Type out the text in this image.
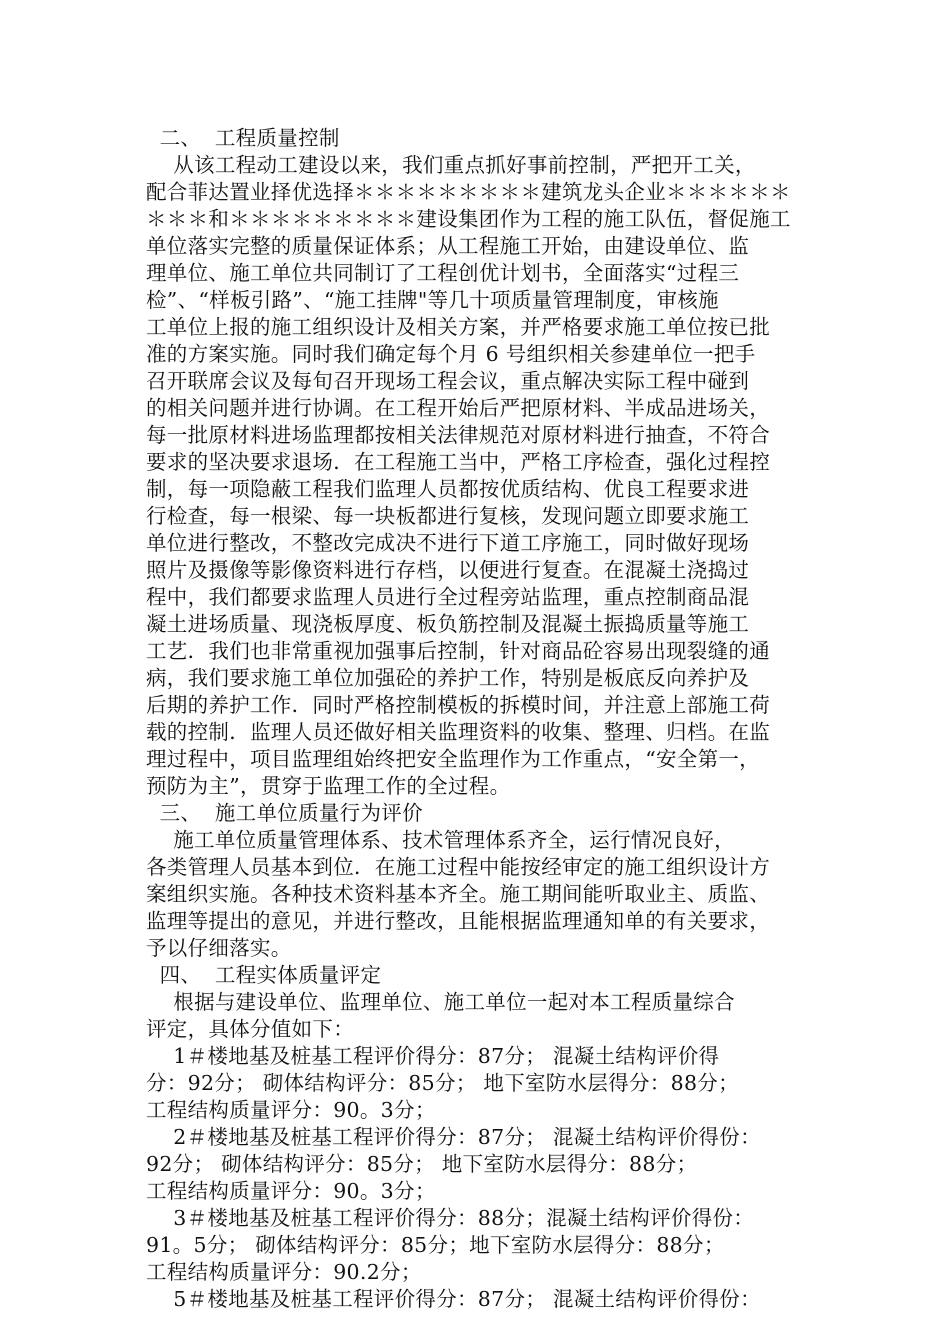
二、  工程质量控制
从该工程动工建设以来，我们重点抓好事前控制，严把开工关，
配合菲达置业择优选择＊＊＊＊＊＊＊＊＊建筑龙头企业＊＊＊＊＊＊
＊＊＊和＊＊＊＊＊＊＊＊＊建设集团作为工程的施工队伍，督促施工
单位落实完整的质量保证体系；从工程施工开始，由建设单位、监
理单位、施工单位共同制订了工程创优计划书，全面落实“过程三
检”、“样板引路”、“施工挂牌"等几十项质量管理制度，审核施
工单位上报的施工组织设计及相关方案，并严格要求施工单位按已批
准的方案实施。同时我们确定每个月 6 号组织相关参建单位一把手
召开联席会议及每旬召开现场工程会议，重点解决实际工程中碰到
的相关问题并进行协调。在工程开始后严把原材料、半成品进场关，
每一批原材料进场监理都按相关法律规范对原材料进行抽查，不符合
要求的坚决要求退场．在工程施工当中，严格工序检查，强化过程控
制，每一项隐蔽工程我们监理人员都按优质结构、优良工程要求进
行检查，每一根梁、每一块板都进行复核，发现问题立即要求施工
单位进行整改，不整改完成决不进行下道工序施工，同时做好现场
照片及摄像等影像资料进行存档，以便进行复查。在混凝土浇捣过
程中，我们都要求监理人员进行全过程旁站监理，重点控制商品混
凝土进场质量、现浇板厚度、板负筋控制及混凝土振捣质量等施工
工艺．我们也非常重视加强事后控制，针对商品砼容易出现裂缝的通
病，我们要求施工单位加强砼的养护工作，特别是板底反向养护及
后期的养护工作．同时严格控制模板的拆模时间，并注意上部施工荷
载的控制．监理人员还做好相关监理资料的收集、整理、归档。在监
理过程中，项目监理组始终把安全监理作为工作重点，“安全第一，
预防为主”，贯穿于监理工作的全过程。
三、  施工单位质量行为评价
施工单位质量管理体系、技术管理体系齐全，运行情况良好，
各类管理人员基本到位．在施工过程中能按经审定的施工组织设计方
案组织实施。各种技术资料基本齐全。施工期间能听取业主、质监、
监理等提出的意见，并进行整改，且能根据监理通知单的有关要求，
予以仔细落实。
四、  工程实体质量评定
根据与建设单位、监理单位、施工单位一起对本工程质量综合
评定，具体分值如下：
1＃楼地基及桩基工程评价得分：87分； 混凝土结构评价得
分：92分； 砌体结构评分：85分； 地下室防水层得分：88分；
工程结构质量评分：90。3分；
2＃楼地基及桩基工程评价得分：87分； 混凝土结构评价得份：
92分； 砌体结构评分：85分； 地下室防水层得分：88分；
工程结构质量评分：90。3分；
3＃楼地基及桩基工程评价得分：88分；混凝土结构评价得份：
91。5分； 砌体结构评分：85分；地下室防水层得分：88分；
工程结构质量评分：90.2分；
5＃楼地基及桩基工程评价得分：87分； 混凝土结构评价得份：
